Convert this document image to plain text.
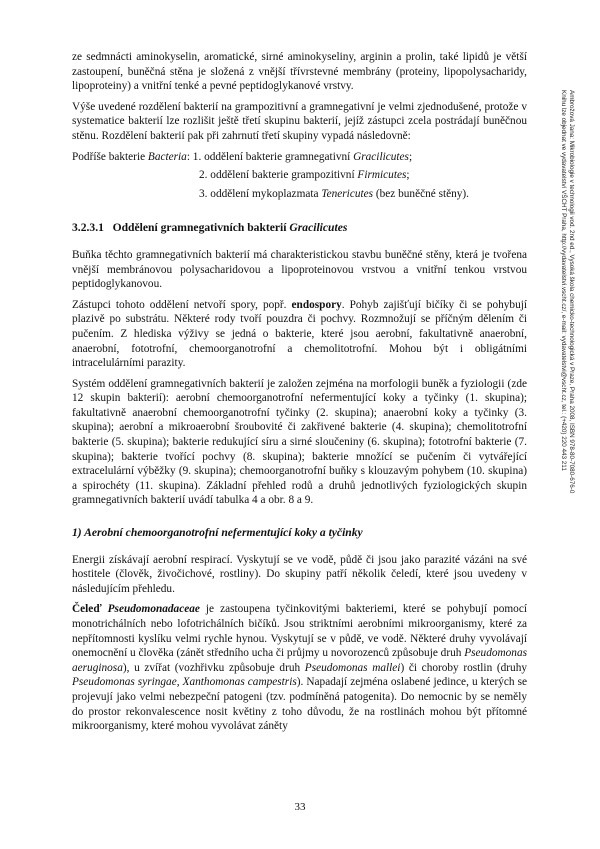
ze sedmnácti aminokyselin, aromatické, sirné aminokyseliny, arginin a prolin, také lipidů je větší zastoupení, buněčná stěna je složená z vnější třívrstevné membrány (proteiny, lipopolysacharidy, lipoproteiny) a vnitřní tenké a pevné peptidoglykanové vrstvy.

Výše uvedené rozdělení bakterií na grampozitivní a gramnegativní je velmi zjednodušené, protože v systematice bakterií lze rozlišit ještě třetí skupinu bakterií, jejíž zástupci zcela postrádají buněčnou stěnu. Rozdělení bakterií pak při zahrnutí třetí skupiny vypadá následovně:

Podříše bakterie Bacteria: 1. oddělení bakterie gramnegativní Gracilicutes;
2. oddělení bakterie grampozitivní Firmicutes;
3. oddělení mykoplazmata Tenericutes (bez buněčné stěny).
3.2.3.1   Oddělení gramnegativních bakterií Gracilicutes

Buňka těchto gramnegativních bakterií má charakteristickou stavbu buněčné stěny, která je tvořena vnější membránovou polysacharidovou a lipoproteinovou vrstvou a vnitřní tenkou vrstvou peptidoglykanovou.

Zástupci tohoto oddělení netvoří spory, popř. endospory. Pohyb zajišťují bičíky či se pohybují plazivě po substrátu. Některé rody tvoří pouzdra či pochvy. Rozmnožují se příčným dělením či pučením. Z hlediska výživy se jedná o bakterie, které jsou aerobní, fakultativně anaerobní, anaerobní, fototrofní, chemoorganotrofní a chemolitotrofní. Mohou být i obligátními intracelulárními parazity.

Systém oddělení gramnegativních bakterií je založen zejména na morfologii buněk a fyziologii (zde 12 skupin bakterií): aerobní chemoorganotrofní nefermentující koky a tyčinky (1. skupina); fakultativně anaerobní chemoorganotrofní tyčinky (2. skupina); anaerobní koky a tyčinky (3. skupina); aerobní a mikroaerobní šroubovité či zakřivené bakterie (4. skupina); chemolitotrofní bakterie (5. skupina); bakterie redukující síru a sirné sloučeniny (6. skupina); fototrofní bakterie (7. skupina); bakterie tvořící pochvy (8. skupina); bakterie množící se pučením či vytvářející extracelulární výběžky (9. skupina); chemoorganotrofní buňky s klouzavým pohybem (10. skupina) a spirochéty (11. skupina). Základní přehled rodů a druhů jednotlivých fyziologických skupin gramnegativních bakterií uvádí tabulka 4 a obr. 8 a 9.

1) Aerobní chemoorganotrofní nefermentující koky a tyčinky

Energii získávají aerobní respirací. Vyskytují se ve vodě, půdě či jsou jako parazité vázáni na své hostitele (člověk, živočichové, rostliny). Do skupiny patří několik čeledí, které jsou uvedeny v následujícím přehledu.

Čeleď Pseudomonadaceae je zastoupena tyčinkovitými bakteriemi, které se pohybují pomocí monotrichálních nebo lofotrichálních bičíků. Jsou striktními aerobními mikroorganismy, které za nepřítomnosti kyslíku velmi rychle hynou. Vyskytují se v půdě, ve vodě. Některé druhy vyvolávají onemocnění u člověka (zánět středního ucha či průjmy u novorozenců způsobuje druh Pseudomonas aeruginosa), u zvířat (vozhřivku způsobuje druh Pseudomonas mallei) či choroby rostlin (druhy Pseudomonas syringae, Xanthomonas campestris). Napadají zejména oslabené jedince, u kterých se projevují jako velmi nebezpeční patogeni (tzv. podmíněná patogenita). Do nemocnic by se neměly do prostor rekonvalescence nosit květiny z toho důvodu, že na rostlinách mohou být přítomné mikroorganismy, které mohou vyvolávat záněty

33
Ambrožová Jana: Mikrobiologie v technologii vod. 2nd ed., Vysoká škola chemicko-technologická v Praze, Praha 2008, ISBN 978-80-7080-676-0
Knihu lze objednat ve vydavatelství VŠCHT Praha, http://vydavatelstvi.vscht.cz/, e-mail: vydavatelstvi@vscht.cz, tel.: (+420) 220 443 211
